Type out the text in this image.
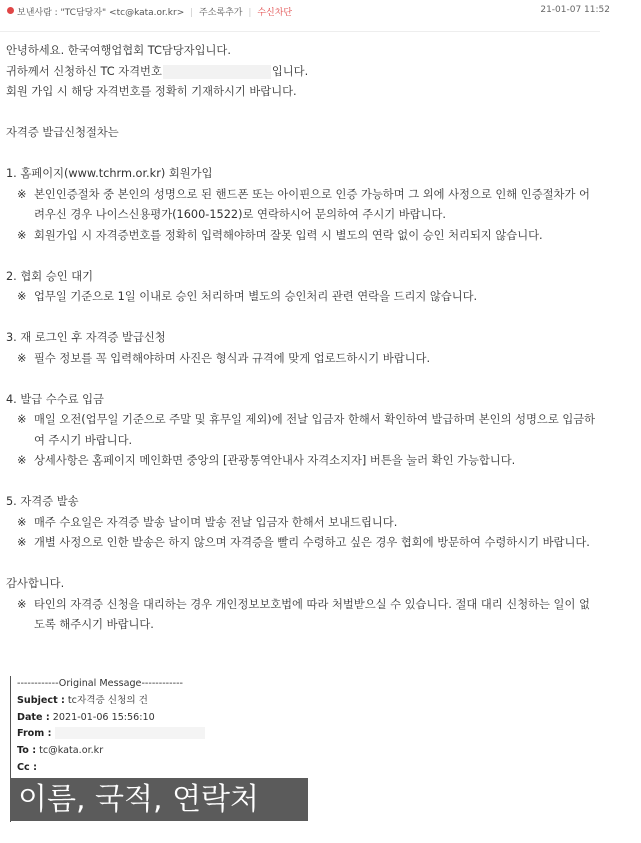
보낸사람 : "TC담당자" <tc@kata.or.kr> | 주소록추가 | 수신차단	21-01-07 11:52
안녕하세요. 한국여행업협회 TC담당자입니다.
귀하께서 신청하신 TC 자격번호	입니다.
회원 가입 시 해당 자격번호를 정확히 기재하시기 바랍니다.
자격증 발급신청절차는
1. 홈페이지(www.tchrm.or.kr) 회원가입
※ 본인인증절차 중 본인의 성명으로 된 핸드폰 또는 아이핀으로 인증 가능하며 그 외에 사정으로 인해 인증절차가 어려우신 경우 나이스신용평가(1600-1522)로 연락하시어 문의하여 주시기 바랍니다.
※ 회원가입 시 자격증번호를 정확히 입력해야하며 잘못 입력 시 별도의 연락 없이 승인 처리되지 않습니다.
2. 협회 승인 대기
※ 업무일 기준으로 1일 이내로 승인 처리하며 별도의 승인처리 관련 연락을 드리지 않습니다.
3. 재 로그인 후 자격증 발급신청
※ 필수 정보를 꼭 입력해야하며 사진은 형식과 규격에 맞게 업로드하시기 바랍니다.
4. 발급 수수료 입금
※ 매일 오전(업무일 기준으로 주말 및 휴무일 제외)에 전날 입금자 한해서 확인하여 발급하며 본인의 성명으로 입금하여 주시기 바랍니다.
※ 상세사항은 홈페이지 메인화면 중앙의 [관광통역안내사 자격소지자] 버튼을 눌러 확인 가능합니다.
5. 자격증 발송
※ 매주 수요일은 자격증 발송 날이며 발송 전날 입금자 한해서 보내드립니다.
※ 개별 사정으로 인한 발송은 하지 않으며 자격증을 빨리 수령하고 싶은 경우 협회에 방문하여 수령하시기 바랍니다.
감사합니다.
※ 타인의 자격증 신청을 대리하는 경우 개인정보보호법에 따라 처벌받으실 수 있습니다. 절대 대리 신청하는 일이 없도록 해주시기 바랍니다.
------------Original Message------------
Subject : tc자격증 신청의 건
Date : 2021-01-06 15:56:10
From :
To : tc@kata.or.kr
Cc :
이름, 국적, 연락처
